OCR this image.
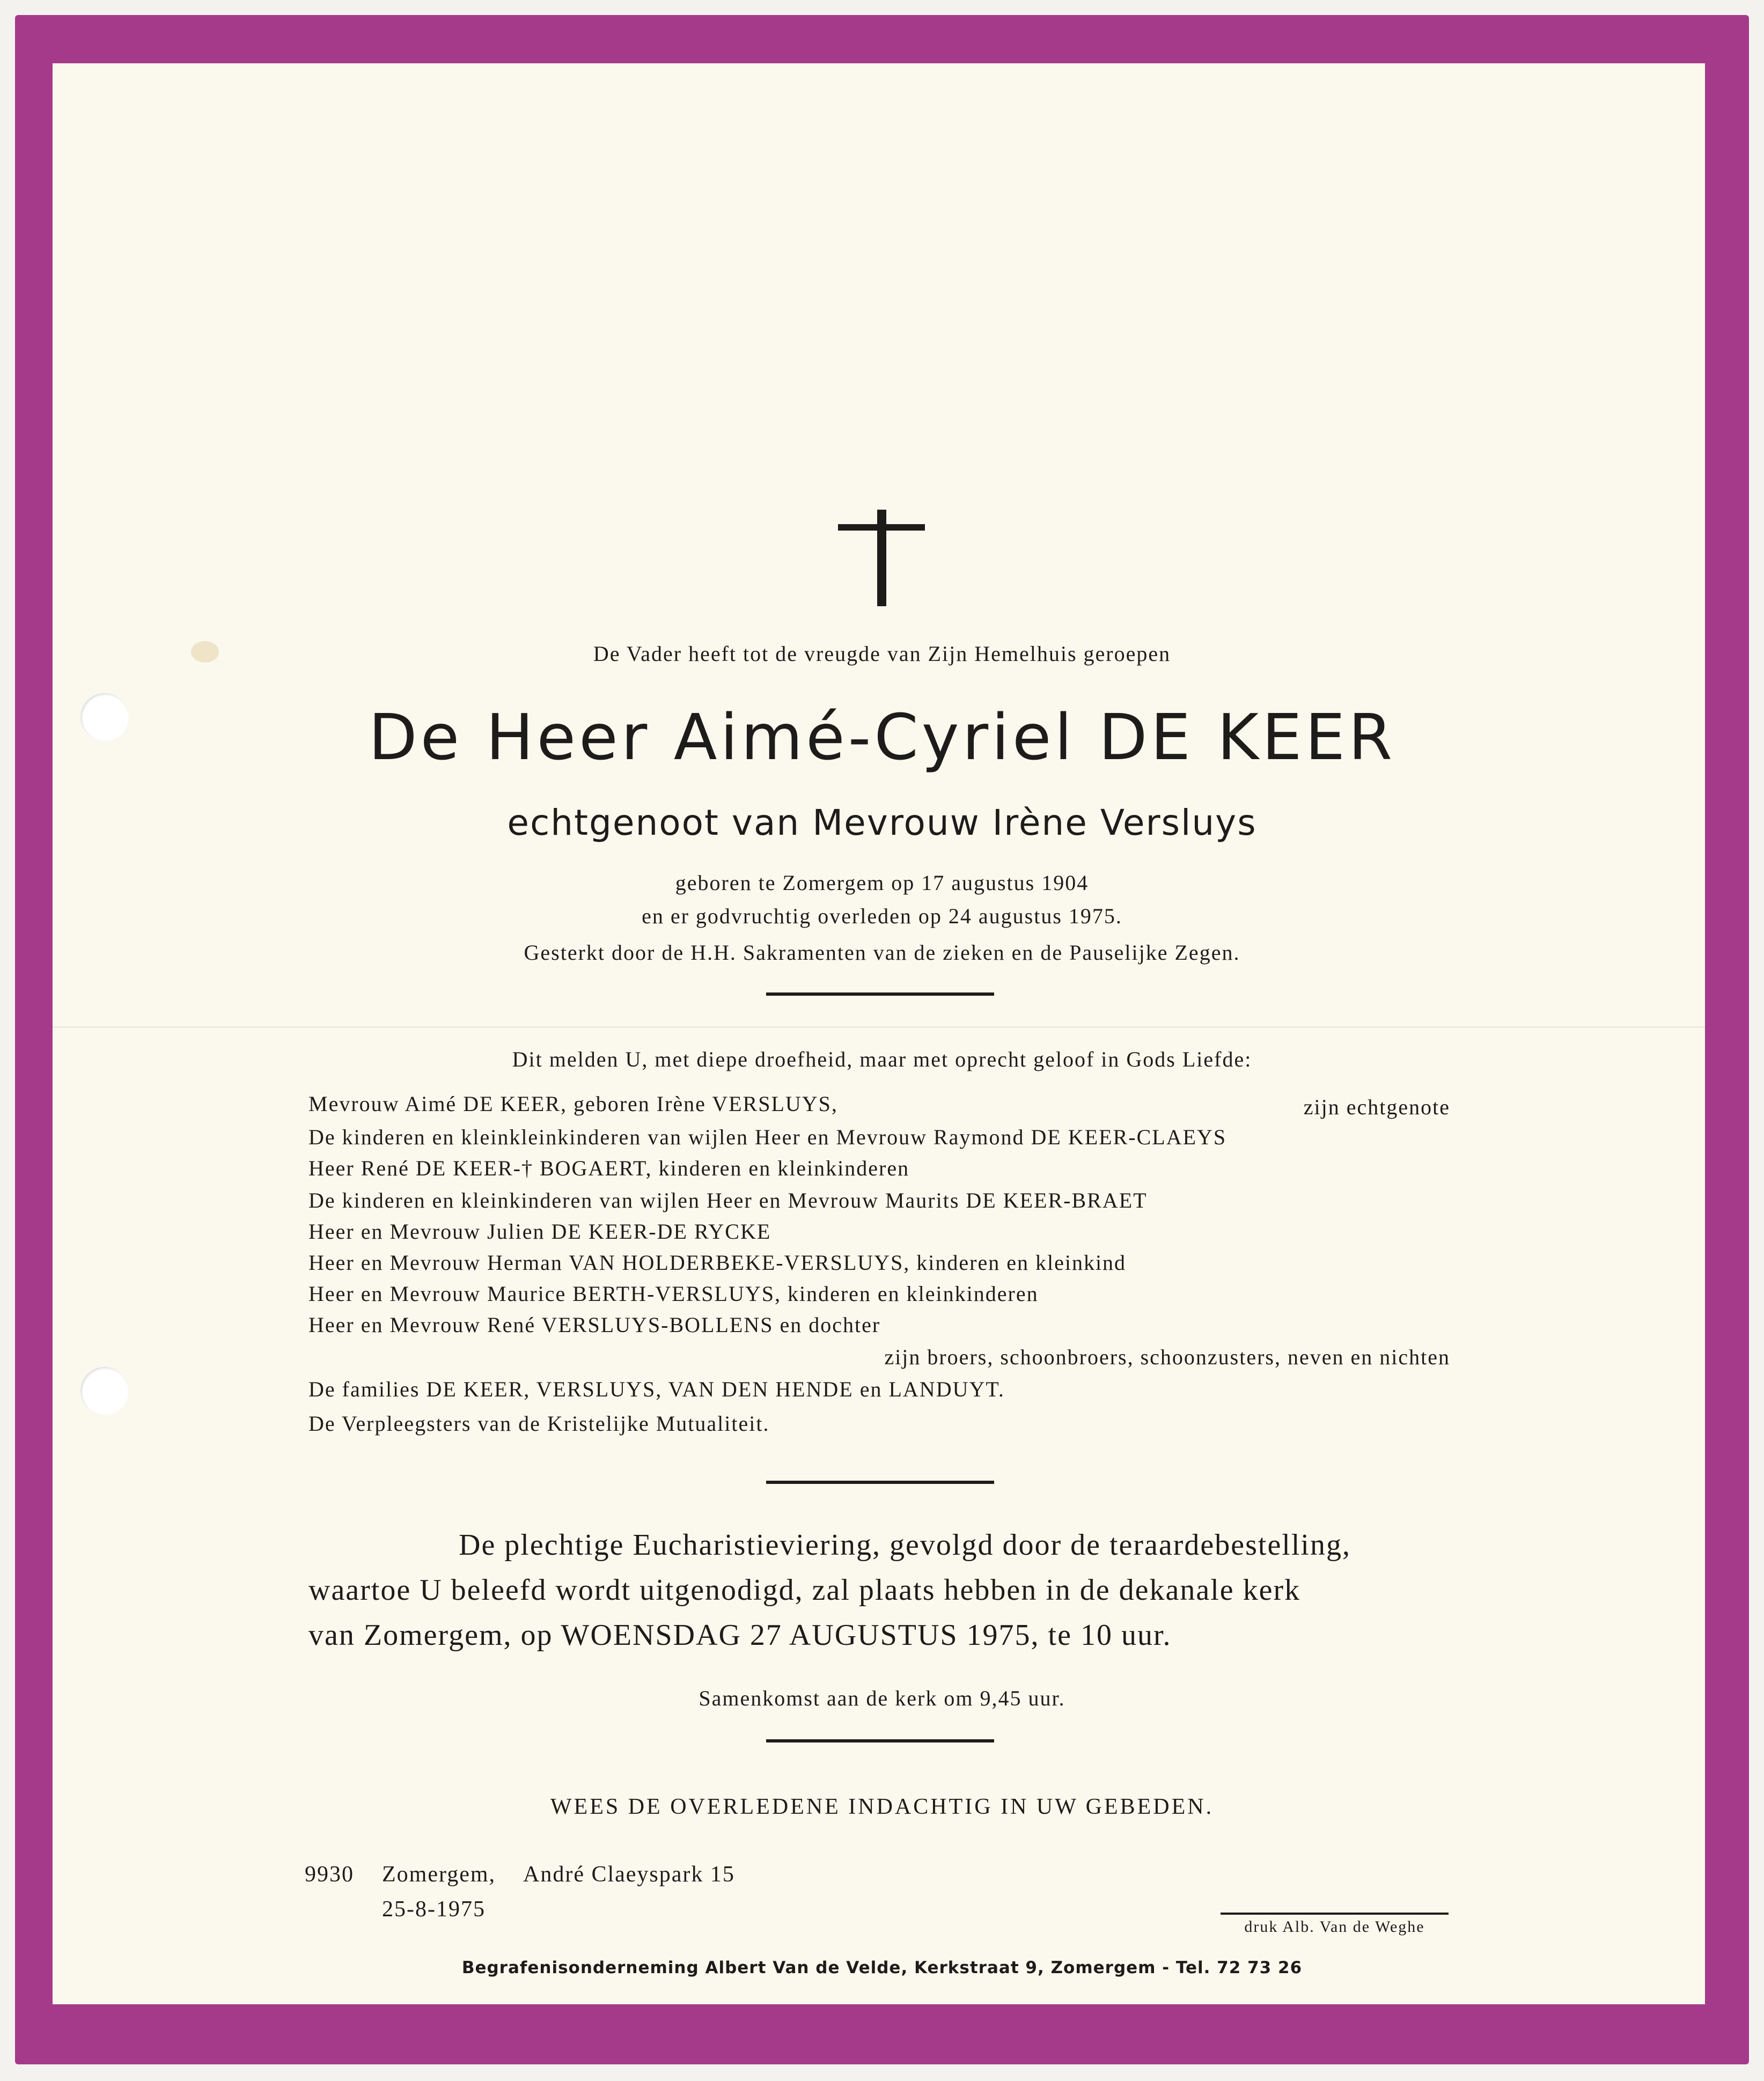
De Vader heeft tot de vreugde van Zijn Hemelhuis geroepen
De Heer Aimé-Cyriel DE KEER
echtgenoot van Mevrouw Irène Versluys
geboren te Zomergem op 17 augustus 1904
en er godvruchtig overleden op 24 augustus 1975.
Gesterkt door de H.H. Sakramenten van de zieken en de Pauselijke Zegen.
Dit melden U, met diepe droefheid, maar met oprecht geloof in Gods Liefde:
Mevrouw Aimé DE KEER, geboren Irène VERSLUYS,	zijn echtgenote
De kinderen en kleinkleinkinderen van wijlen Heer en Mevrouw Raymond DE KEER-CLAEYS
Heer René DE KEER-† BOGAERT, kinderen en kleinkinderen
De kinderen en kleinkinderen van wijlen Heer en Mevrouw Maurits DE KEER-BRAET
Heer en Mevrouw Julien DE KEER-DE RYCKE
Heer en Mevrouw Herman VAN HOLDERBEKE-VERSLUYS, kinderen en kleinkind
Heer en Mevrouw Maurice BERTH-VERSLUYS, kinderen en kleinkinderen
Heer en Mevrouw René VERSLUYS-BOLLENS en dochter
zijn broers, schoonbroers, schoonzusters, neven en nichten
De families DE KEER, VERSLUYS, VAN DEN HENDE en LANDUYT.
De Verpleegsters van de Kristelijke Mutualiteit.
De plechtige Eucharistieviering, gevolgd door de teraardebestelling,
waartoe U beleefd wordt uitgenodigd, zal plaats hebben in de dekanale kerk
van Zomergem, op WOENSDAG 27 AUGUSTUS 1975, te 10 uur.
Samenkomst aan de kerk om 9,45 uur.
WEES DE OVERLEDENE INDACHTIG IN UW GEBEDEN.
9930 Zomergem, André Claeyspark 15
25-8-1975
druk Alb. Van de Weghe
Begrafenisonderneming Albert Van de Velde, Kerkstraat 9, Zomergem - Tel. 72 73 26
